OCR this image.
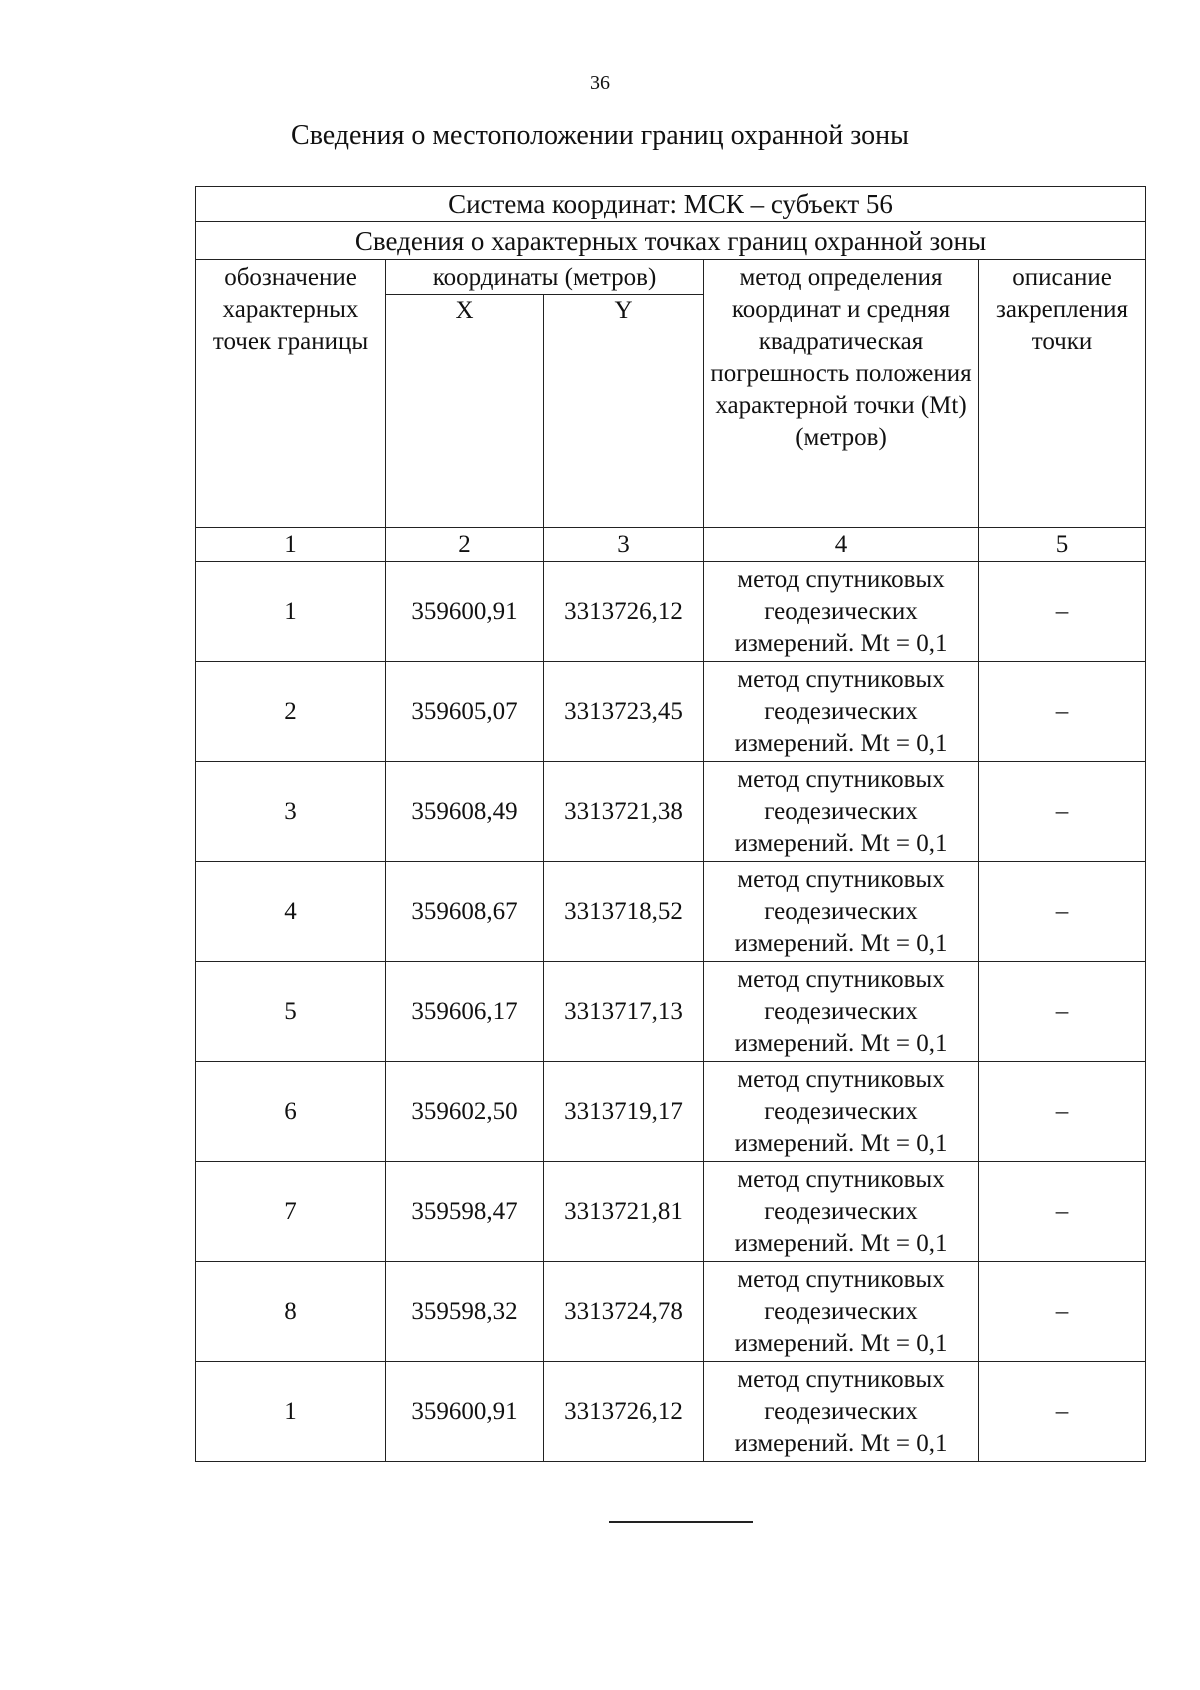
36
Сведения о местоположении границ охранной зоны
Система координат: МСК – субъект 56				
Сведения о характерных точках границ охранной зоны				
обозначение характерных точек границы	координаты (метров)		метод определения координат и средняя квадратическая погрешность положения характерной точки (Mt) (метров)	описание закрепления точки
	X	Y		
1	2	3	4	5
1	359600,91	3313726,12	метод спутниковых геодезических измерений. Mt = 0,1	–
2	359605,07	3313723,45	метод спутниковых геодезических измерений. Mt = 0,1	–
3	359608,49	3313721,38	метод спутниковых геодезических измерений. Mt = 0,1	–
4	359608,67	3313718,52	метод спутниковых геодезических измерений. Mt = 0,1	–
5	359606,17	3313717,13	метод спутниковых геодезических измерений. Mt = 0,1	–
6	359602,50	3313719,17	метод спутниковых геодезических измерений. Mt = 0,1	–
7	359598,47	3313721,81	метод спутниковых геодезических измерений. Mt = 0,1	–
8	359598,32	3313724,78	метод спутниковых геодезических измерений. Mt = 0,1	–
1	359600,91	3313726,12	метод спутниковых геодезических измерений. Mt = 0,1	–
